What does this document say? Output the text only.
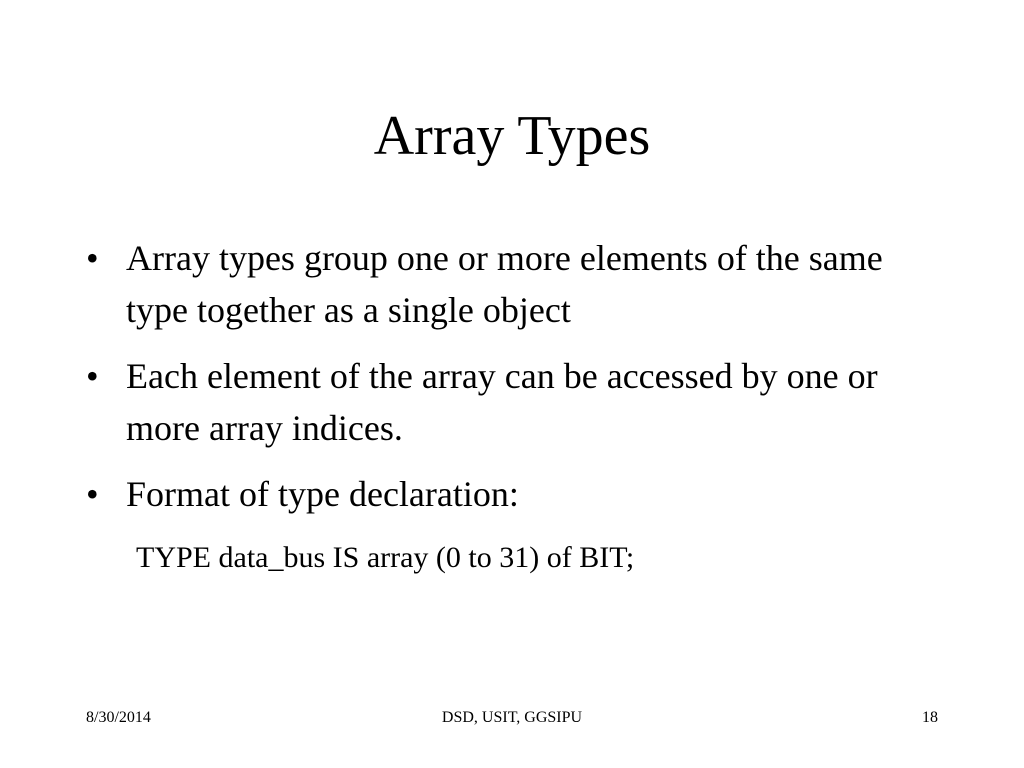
Array Types
• Array types group one or more elements of the same type together as a single object
• Each element of the array can be accessed by one or more array indices.
• Format of type declaration:
TYPE data_bus IS array (0 to 31) of BIT;
8/30/2014	DSD, USIT, GGSIPU	18
